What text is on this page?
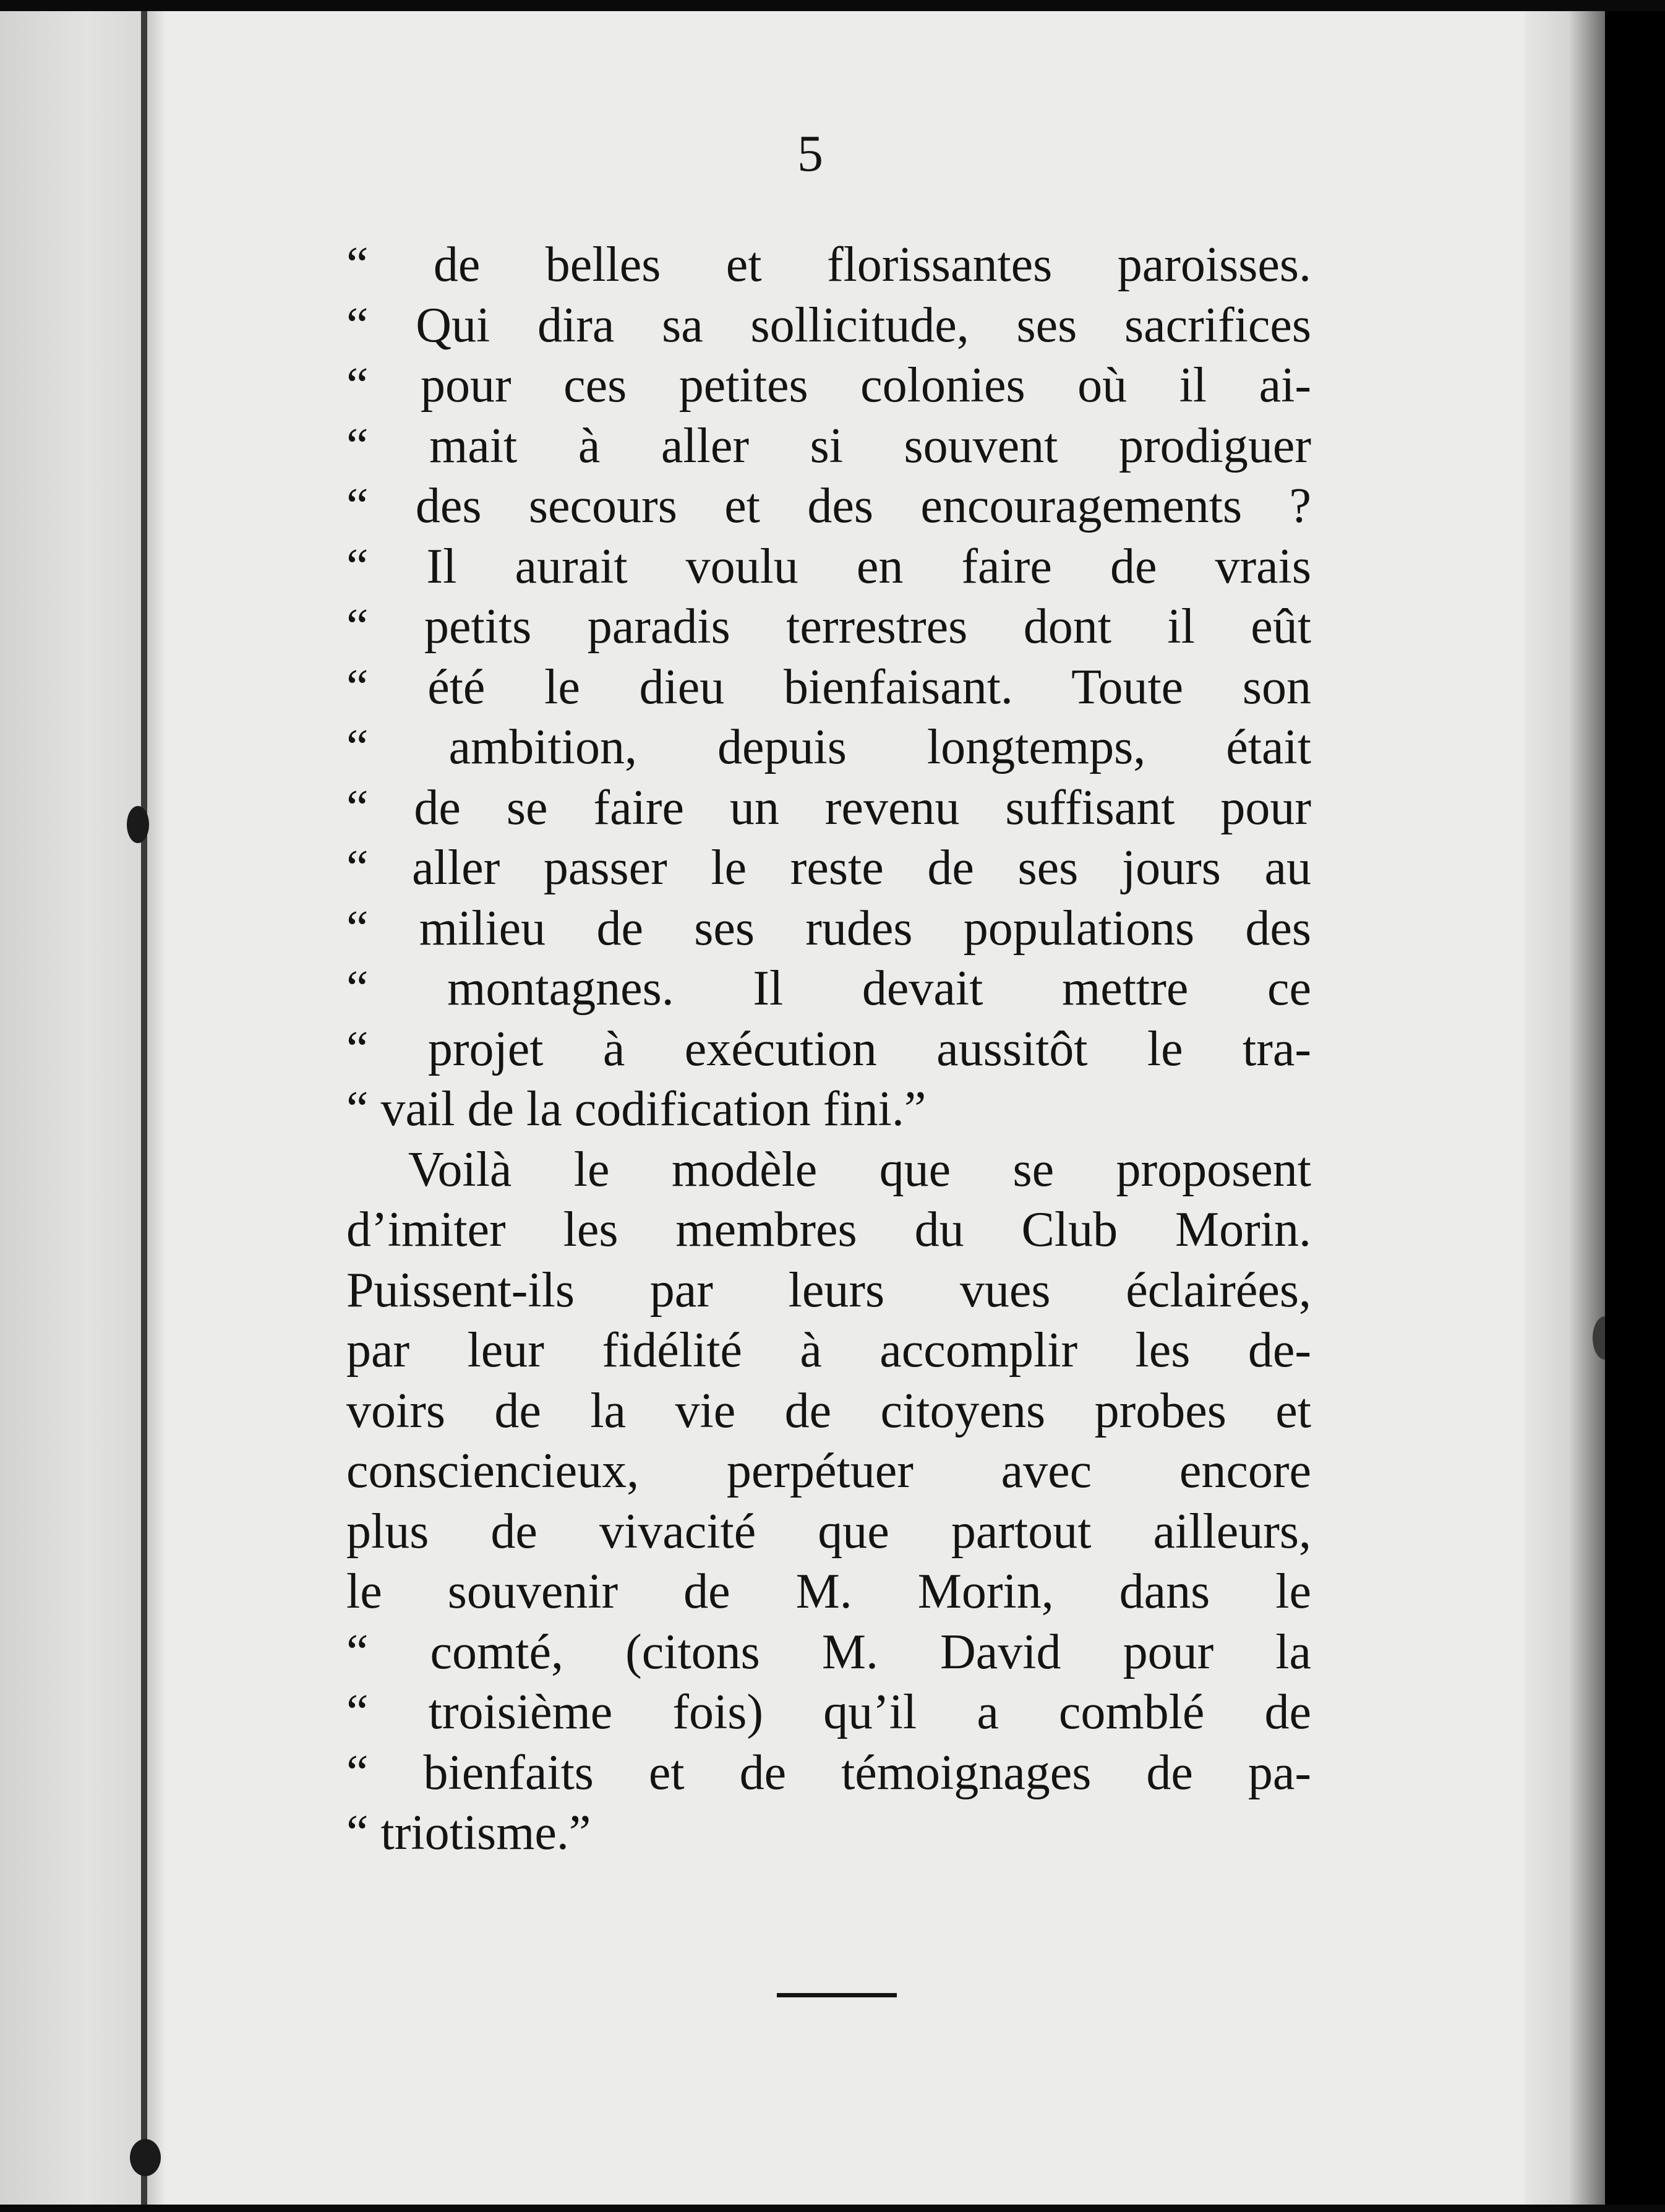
5
“ de belles et florissantes paroisses.
“ Qui dira sa sollicitude, ses sacrifices
“ pour ces petites colonies où il ai-
“ mait à aller si souvent prodiguer
“ des secours et des encouragements ?
“ Il aurait voulu en faire de vrais
“ petits paradis terrestres dont il eût
“ été le dieu bienfaisant. Toute son
“ ambition, depuis longtemps, était
“ de se faire un revenu suffisant pour
“ aller passer le reste de ses jours au
“ milieu de ses rudes populations des
“ montagnes. Il devait mettre ce
“ projet à exécution aussitôt le tra-
“ vail de la codification fini.”
Voilà le modèle que se proposent
d’imiter les membres du Club Morin.
Puissent-ils par leurs vues éclairées,
par leur fidélité à accomplir les de-
voirs de la vie de citoyens probes et
consciencieux, perpétuer avec encore
plus de vivacité que partout ailleurs,
le souvenir de M. Morin, dans le
“ comté, (citons M. David pour la
“ troisième fois) qu’il a comblé de
“ bienfaits et de témoignages de pa-
“ triotisme.”
